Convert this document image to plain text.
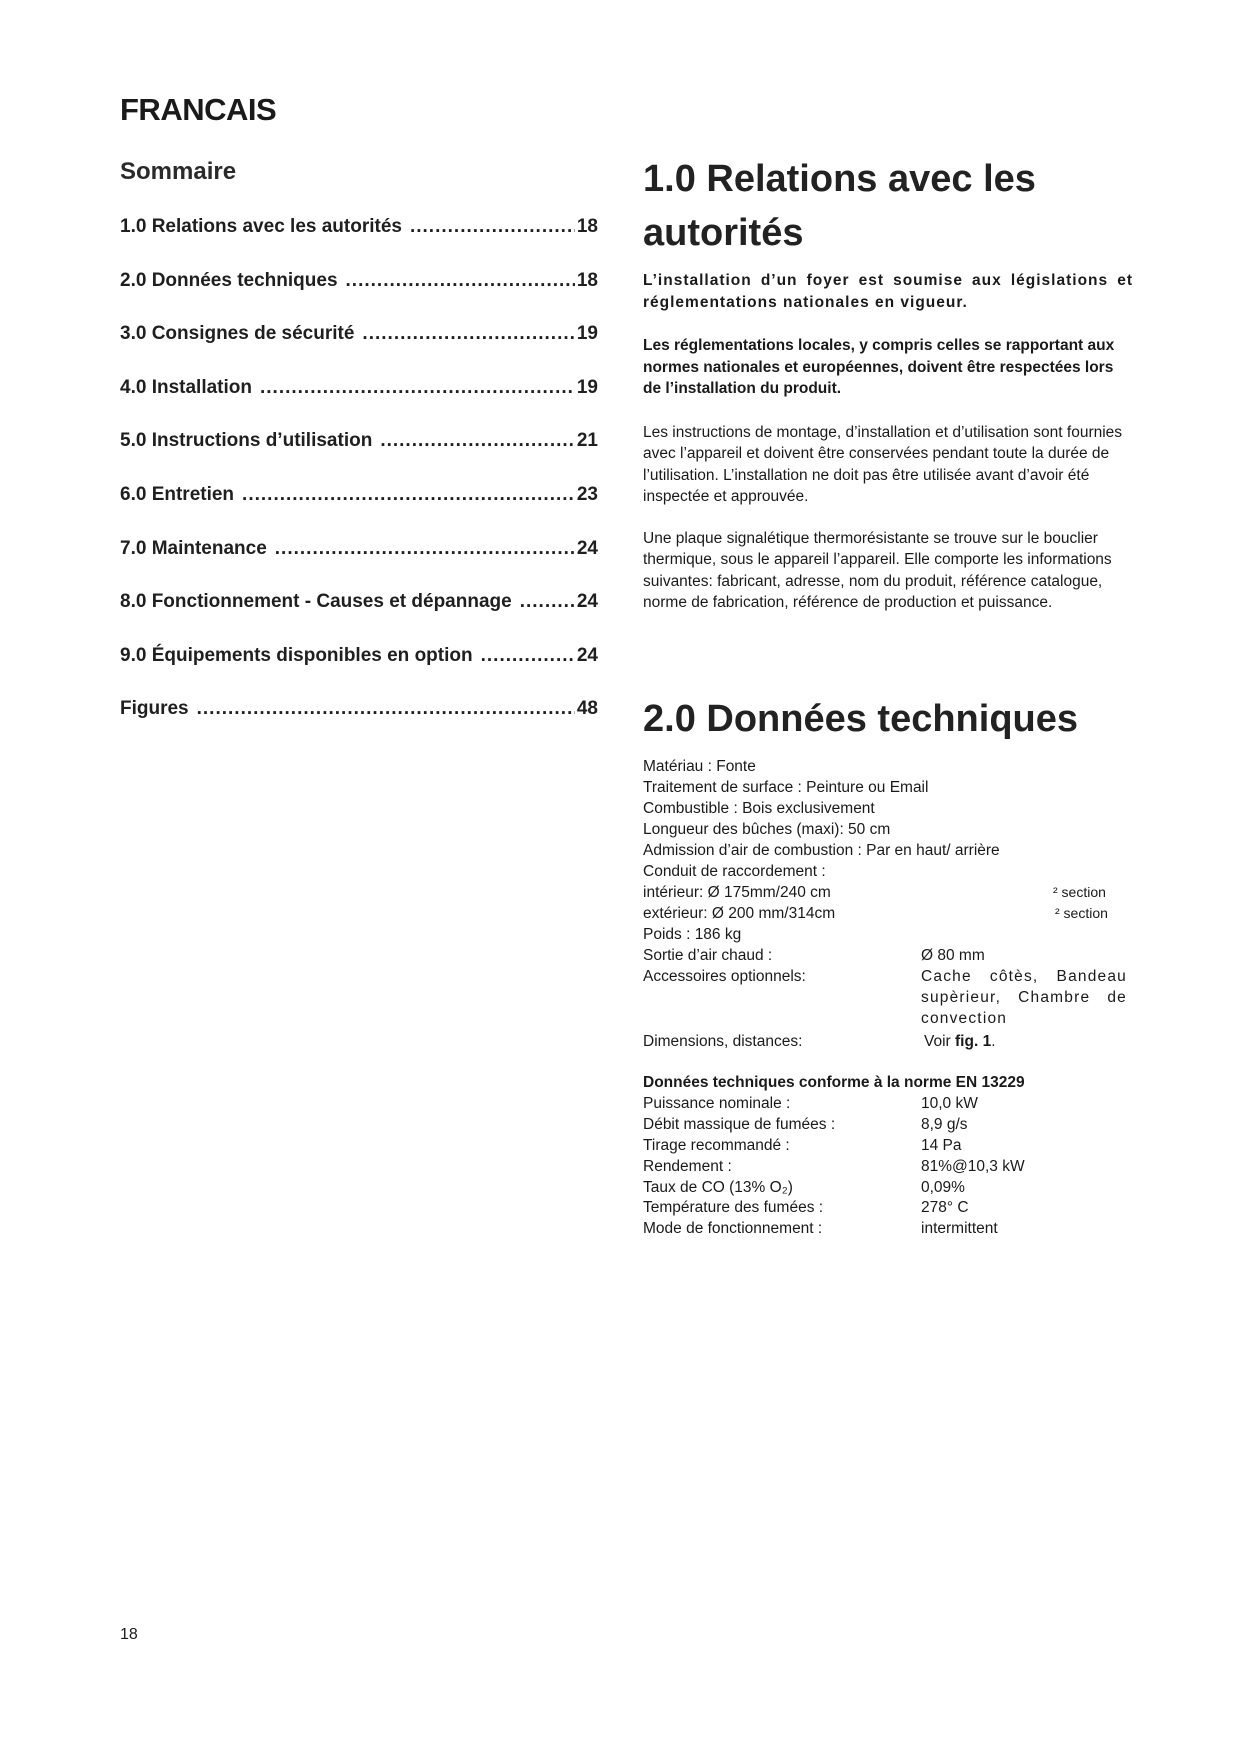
FRANCAIS
Sommaire
1.0 Relations avec les autorités .....	18
2.0 Données techniques .....	18
3.0 Consignes de sécurité .....	19
4.0 Installation .....	19
5.0 Instructions d’utilisation .....	21
6.0 Entretien .....	23
7.0 Maintenance .....	24
8.0 Fonctionnement - Causes et dépannage .....	24
9.0 Équipements disponibles en option .....	24
Figures .....	48
1.0 Relations avec les
autorités

L’installation d’un foyer est soumise aux législations et réglementations nationales en vigueur.

Les réglementations locales, y compris celles se rapportant aux normes nationales et européennes, doivent être respectées lors de l’installation du produit.

Les instructions de montage, d’installation et d’utilisation sont fournies avec l’appareil et doivent être conservées pendant toute la durée de l’utilisation. L’installation ne doit pas être utilisée avant d’avoir été inspectée et approuvée.

Une plaque signalétique thermorésistante se trouve sur le bouclier thermique, sous le appareil l’appareil. Elle comporte les informations suivantes: fabricant, adresse, nom du produit, référence catalogue, norme de fabrication, référence de production et puissance.

2.0 Données techniques
Matériau : Fonte
Traitement de surface : Peinture ou Email
Combustible : Bois exclusivement
Longueur des bûches (maxi): 50 cm
Admission d’air de combustion : Par en haut/ arrière
Conduit de raccordement :
intérieur: Ø 175mm/240 cm	² section
extérieur: Ø 200 mm/314cm	² section
Poids : 186 kg
Sortie d’air chaud :	Ø 80 mm
Accessoires optionnels:	Cache côtès, Bandeau supèrieur, Chambre de convection
Dimensions, distances:	Voir fig. 1.
Données techniques conforme à la norme EN 13229
Puissance nominale :	10,0 kW
Débit massique de fumées :	8,9 g/s
Tirage recommandé :	14 Pa
Rendement :	81%@10,3 kW
Taux de CO (13% O₂)	0,09%
Température des fumées :	278° C
Mode de fonctionnement :	intermittent
18
